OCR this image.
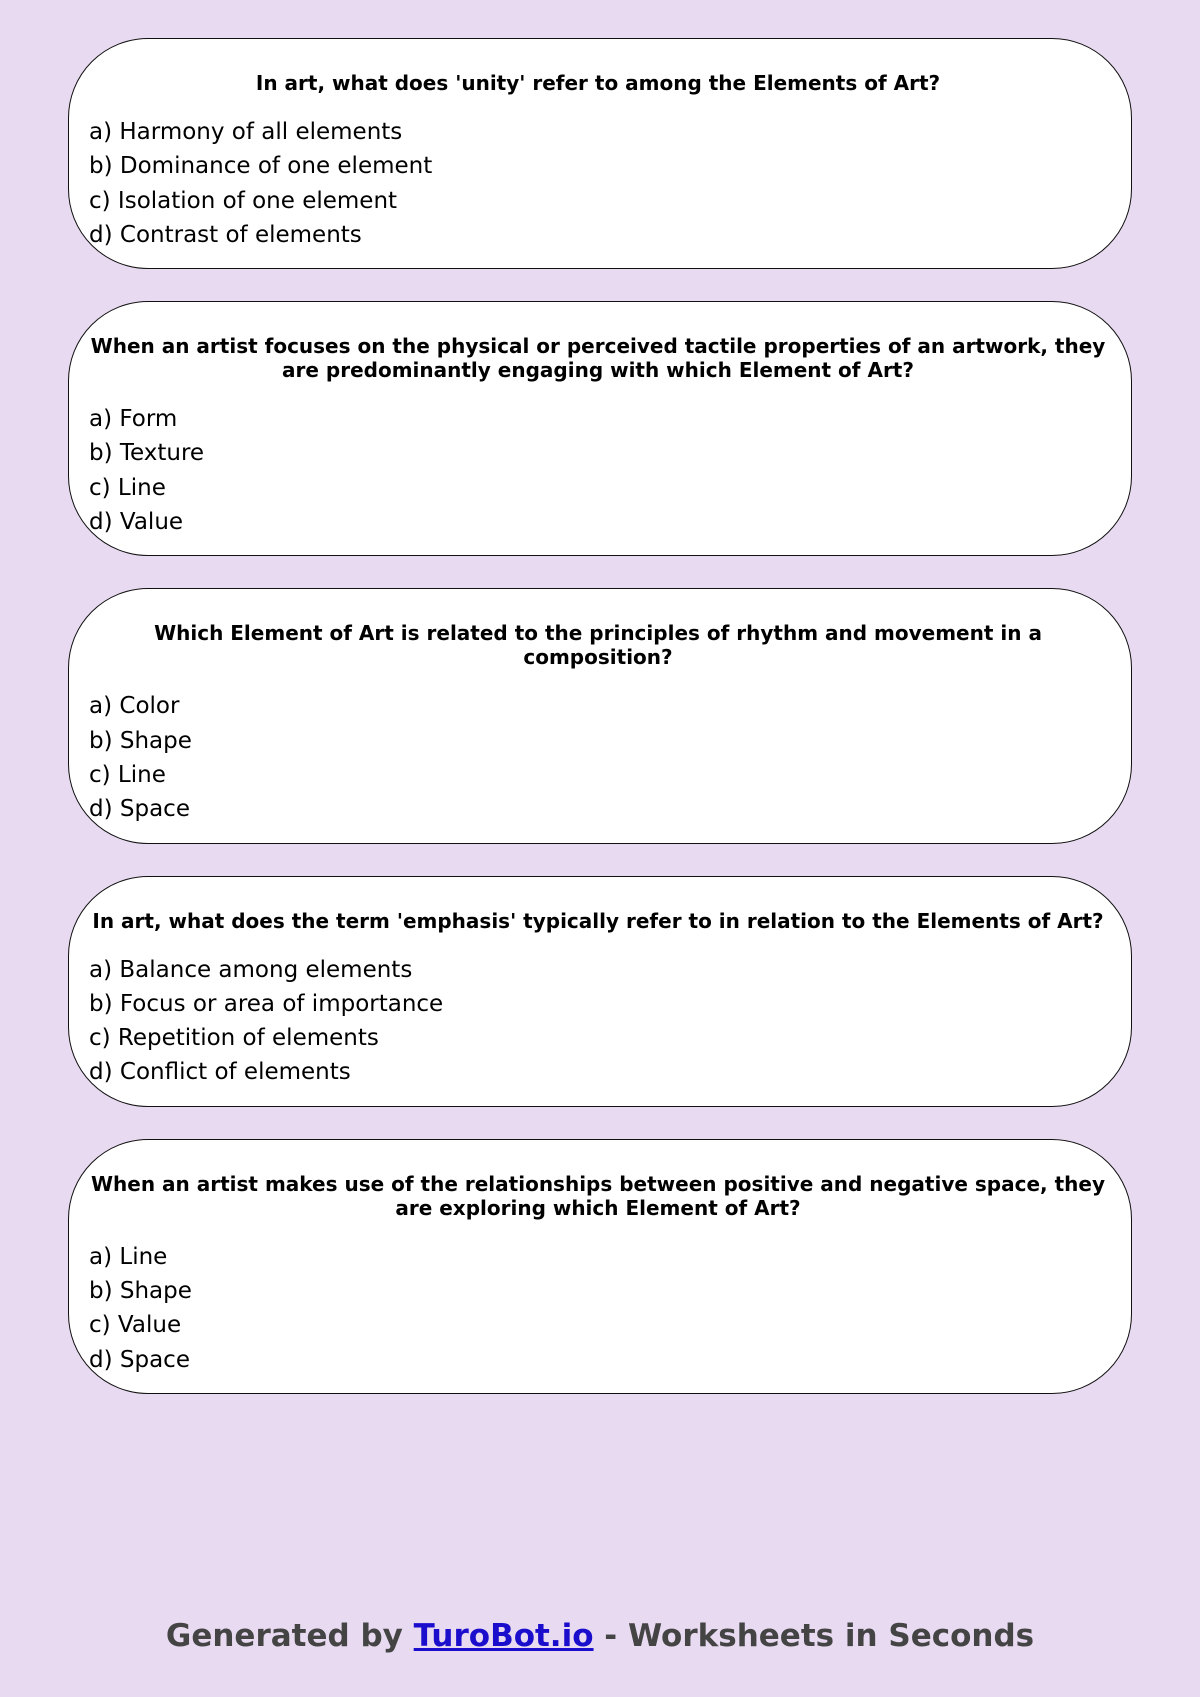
In art, what does 'unity' refer to among the Elements of Art?

a) Harmony of all elements
b) Dominance of one element
c) Isolation of one element
d) Contrast of elements

When an artist focuses on the physical or perceived tactile properties of an artwork, they are predominantly engaging with which Element of Art?

a) Form
b) Texture
c) Line
d) Value

Which Element of Art is related to the principles of rhythm and movement in a composition?

a) Color
b) Shape
c) Line
d) Space

In art, what does the term 'emphasis' typically refer to in relation to the Elements of Art?

a) Balance among elements
b) Focus or area of importance
c) Repetition of elements
d) Conflict of elements

When an artist makes use of the relationships between positive and negative space, they are exploring which Element of Art?

a) Line
b) Shape
c) Value
d) Space
Generated by TuroBot.io - Worksheets in Seconds
